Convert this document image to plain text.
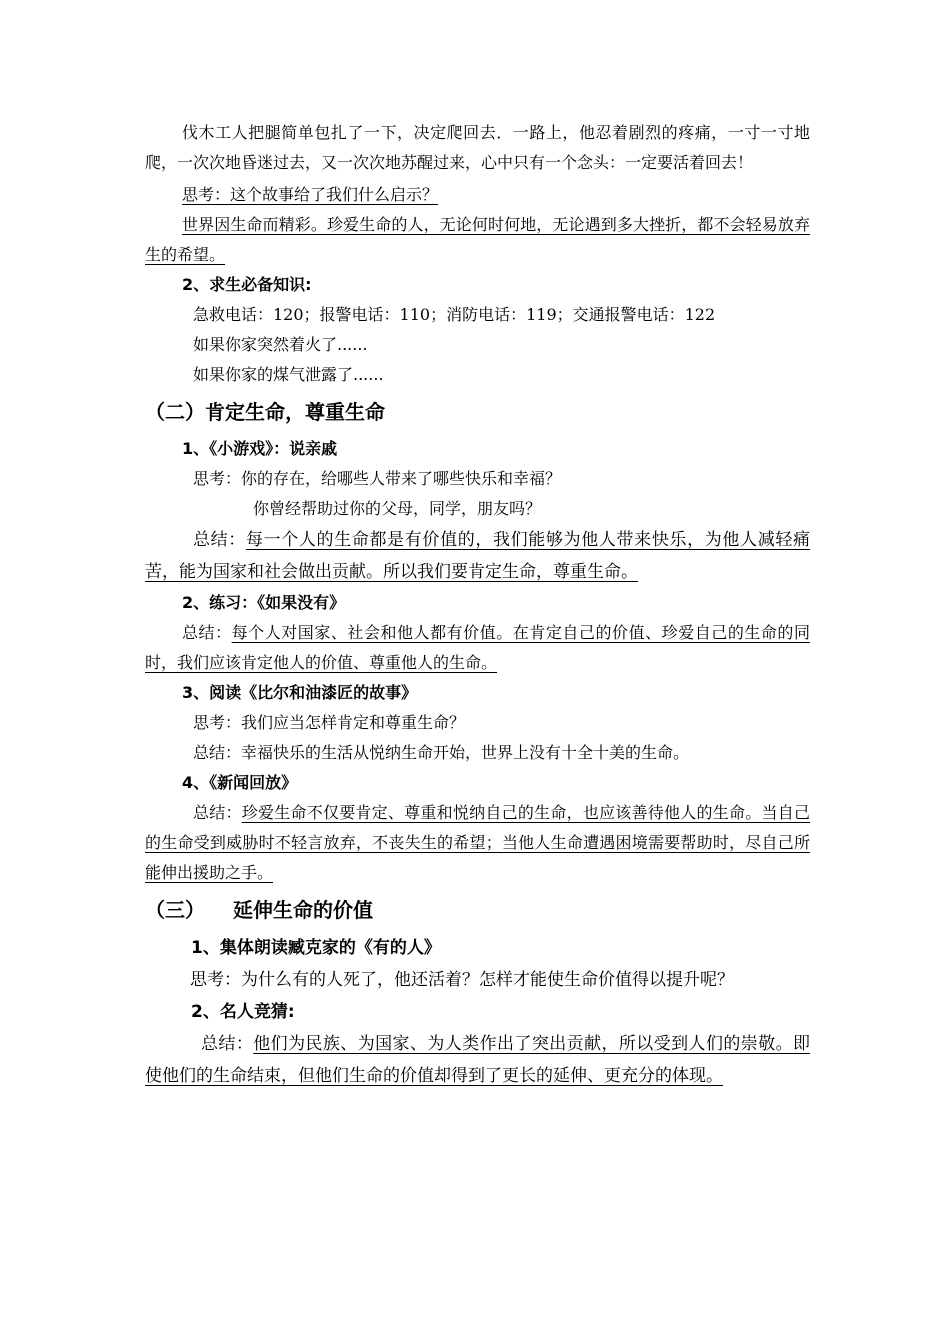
伐木工人把腿简单包扎了一下，决定爬回去．一路上，他忍着剧烈的疼痛，一寸一寸地爬，一次次地昏迷过去，又一次次地苏醒过来，心中只有一个念头：一定要活着回去！

思考：这个故事给了我们什么启示？

世界因生命而精彩。珍爱生命的人，无论何时何地，无论遇到多大挫折，都不会轻易放弃生的希望。

2、求生必备知识:

急救电话：120；报警电话：110；消防电话：119；交通报警电话：122

如果你家突然着火了......

如果你家的煤气泄露了......

（二）肯定生命，尊重生命

1、《小游戏》：说亲戚

思考：你的存在，给哪些人带来了哪些快乐和幸福？

你曾经帮助过你的父母，同学，朋友吗？

总结：每一个人的生命都是有价值的，我们能够为他人带来快乐，为他人减轻痛苦，能为国家和社会做出贡献。所以我们要肯定生命，尊重生命。

2、练习：《如果没有》

总结：每个人对国家、社会和他人都有价值。在肯定自己的价值、珍爱自己的生命的同时，我们应该肯定他人的价值、尊重他人的生命。

3、阅读《比尔和油漆匠的故事》

思考：我们应当怎样肯定和尊重生命？

总结：幸福快乐的生活从悦纳生命开始，世界上没有十全十美的生命。

4、《新闻回放》

总结：珍爱生命不仅要肯定、尊重和悦纳自己的生命，也应该善待他人的生命。当自己的生命受到威胁时不轻言放弃，不丧失生的希望；当他人生命遭遇困境需要帮助时，尽自己所能伸出援助之手。

（三） 延伸生命的价值

1、集体朗读臧克家的《有的人》

思考：为什么有的人死了，他还活着？怎样才能使生命价值得以提升呢？

2、名人竞猜:

总结：他们为民族、为国家、为人类作出了突出贡献，所以受到人们的崇敬。即使他们的生命结束，但他们生命的价值却得到了更长的延伸、更充分的体现。
